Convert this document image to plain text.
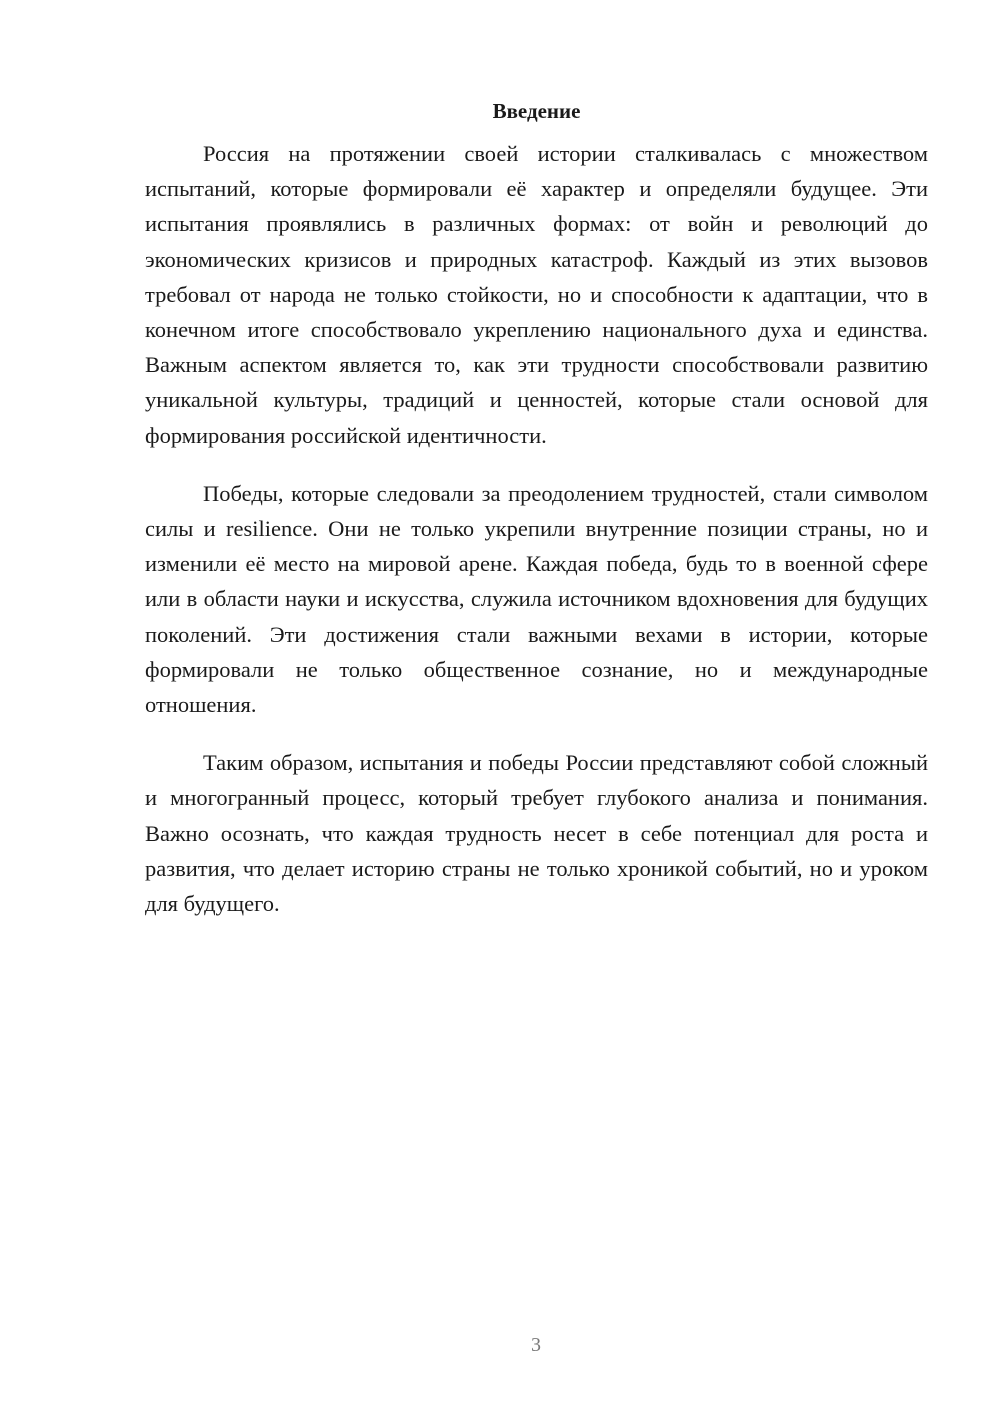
Введение

Россия на протяжении своей истории сталкивалась с множеством испытаний, которые формировали её характер и определяли будущее. Эти испытания проявлялись в различных формах: от войн и революций до экономических кризисов и природных катастроф. Каждый из этих вызовов требовал от народа не только стойкости, но и способности к адаптации, что в конечном итоге способствовало укреплению национального духа и единства. Важным аспектом является то, как эти трудности способствовали развитию уникальной культуры, традиций и ценностей, которые стали основой для формирования российской идентичности.

Победы, которые следовали за преодолением трудностей, стали символом силы и resilience. Они не только укрепили внутренние позиции страны, но и изменили её место на мировой арене. Каждая победа, будь то в военной сфере или в области науки и искусства, служила источником вдохновения для будущих поколений. Эти достижения стали важными вехами в истории, которые формировали не только общественное сознание, но и международные отношения.

Таким образом, испытания и победы России представляют собой сложный и многогранный процесс, который требует глубокого анализа и понимания. Важно осознать, что каждая трудность несет в себе потенциал для роста и развития, что делает историю страны не только хроникой событий, но и уроком для будущего.

3
